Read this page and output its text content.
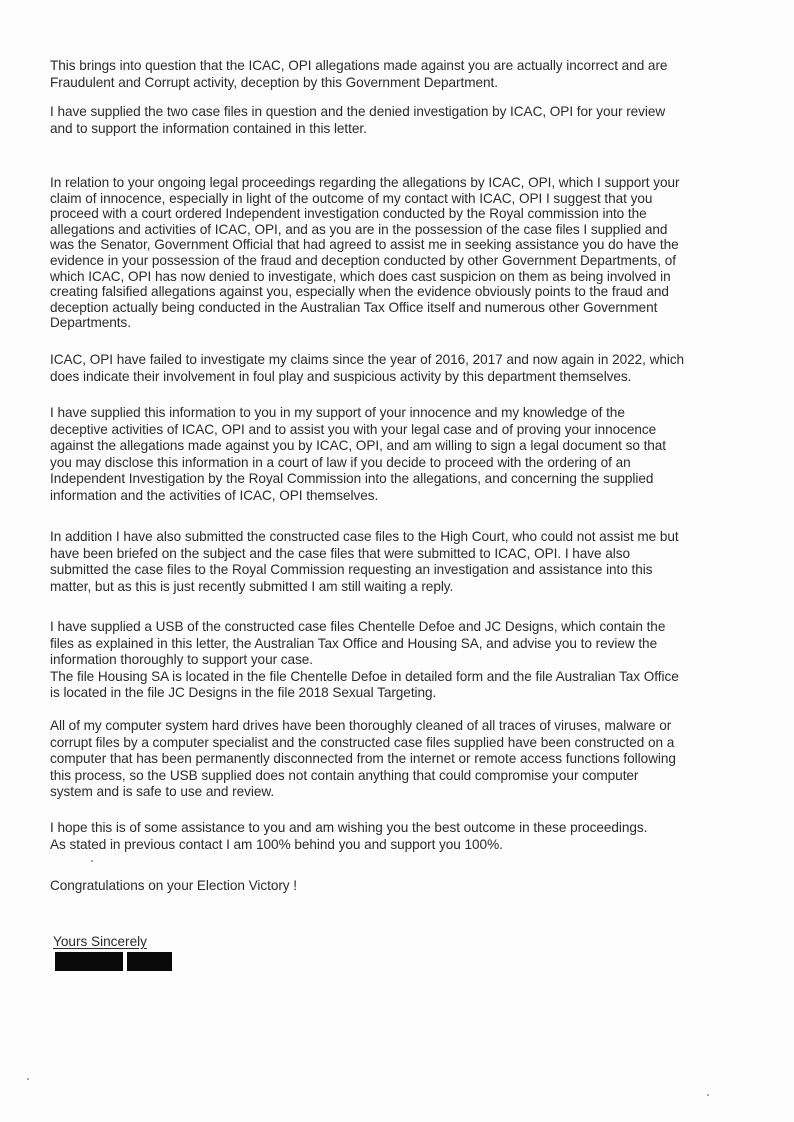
This brings into question that the ICAC, OPI allegations made against you are actually incorrect and are
Fraudulent and Corrupt activity, deception by this Government Department.

I have supplied the two case files in question and the denied investigation by ICAC, OPI for your review
and to support the information contained in this letter.

In relation to your ongoing legal proceedings regarding the allegations by ICAC, OPI, which I support your
claim of innocence, especially in light of the outcome of my contact with ICAC, OPI I suggest that you
proceed with a court ordered Independent investigation conducted by the Royal commission into the
allegations and activities of ICAC, OPI, and as you are in the possession of the case files I supplied and
was the Senator, Government Official that had agreed to assist me in seeking assistance you do have the
evidence in your possession of the fraud and deception conducted by other Government Departments, of
which ICAC, OPI has now denied to investigate, which does cast suspicion on them as being involved in
creating falsified allegations against you, especially when the evidence obviously points to the fraud and
deception actually being conducted in the Australian Tax Office itself and numerous other Government
Departments.

ICAC, OPI have failed to investigate my claims since the year of 2016, 2017 and now again in 2022, which
does indicate their involvement in foul play and suspicious activity by this department themselves.

I have supplied this information to you in my support of your innocence and my knowledge of the
deceptive activities of ICAC, OPI and to assist you with your legal case and of proving your innocence
against the allegations made against you by ICAC, OPI, and am willing to sign a legal document so that
you may disclose this information in a court of law if you decide to proceed with the ordering of an
Independent Investigation by the Royal Commission into the allegations, and concerning the supplied
information and the activities of ICAC, OPI themselves.

In addition I have also submitted the constructed case files to the High Court, who could not assist me but
have been briefed on the subject and the case files that were submitted to ICAC, OPI. I have also
submitted the case files to the Royal Commission requesting an investigation and assistance into this
matter, but as this is just recently submitted I am still waiting a reply.

I have supplied a USB of the constructed case files Chentelle Defoe and JC Designs, which contain the
files as explained in this letter, the Australian Tax Office and Housing SA, and advise you to review the
information thoroughly to support your case.
The file Housing SA is located in the file Chentelle Defoe in detailed form and the file Australian Tax Office
is located in the file JC Designs in the file 2018 Sexual Targeting.

All of my computer system hard drives have been thoroughly cleaned of all traces of viruses, malware or
corrupt files by a computer specialist and the constructed case files supplied have been constructed on a
computer that has been permanently disconnected from the internet or remote access functions following
this process, so the USB supplied does not contain anything that could compromise your computer
system and is safe to use and review.

I hope this is of some assistance to you and am wishing you the best outcome in these proceedings.
As stated in previous contact I am 100% behind you and support you 100%.

Congratulations on your Election Victory !

Yours Sincerely
